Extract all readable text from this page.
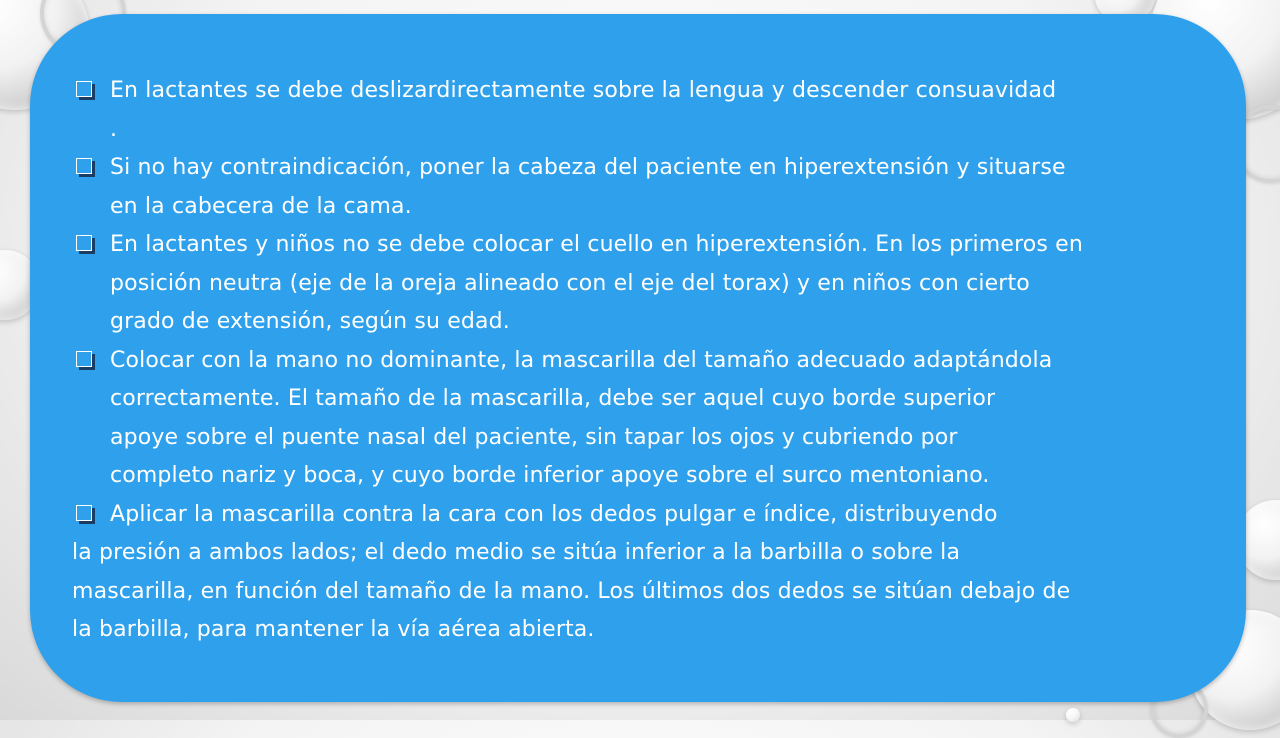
En lactantes se debe deslizardirectamente sobre la lengua y descender consuavidad
.

Si no hay contraindicación, poner la cabeza del paciente en hiperextensión y situarse
en la cabecera de la cama.

En lactantes y niños no se debe colocar el cuello en hiperextensión. En los primeros en
posición neutra (eje de la oreja alineado con el eje del torax) y en niños con cierto
grado de extensión, según su edad.

Colocar con la mano no dominante, la mascarilla del tamaño adecuado adaptándola
correctamente. El tamaño de la mascarilla, debe ser aquel cuyo borde superior
apoye sobre el puente nasal del paciente, sin tapar los ojos y cubriendo por
completo nariz y boca, y cuyo borde inferior apoye sobre el surco mentoniano.

Aplicar la mascarilla contra la cara con los dedos pulgar e índice, distribuyendo

la presión a ambos lados; el dedo medio se sitúa inferior a la barbilla o sobre la

mascarilla, en función del tamaño de la mano. Los últimos dos dedos se sitúan debajo de

la barbilla, para mantener la vía aérea abierta.
